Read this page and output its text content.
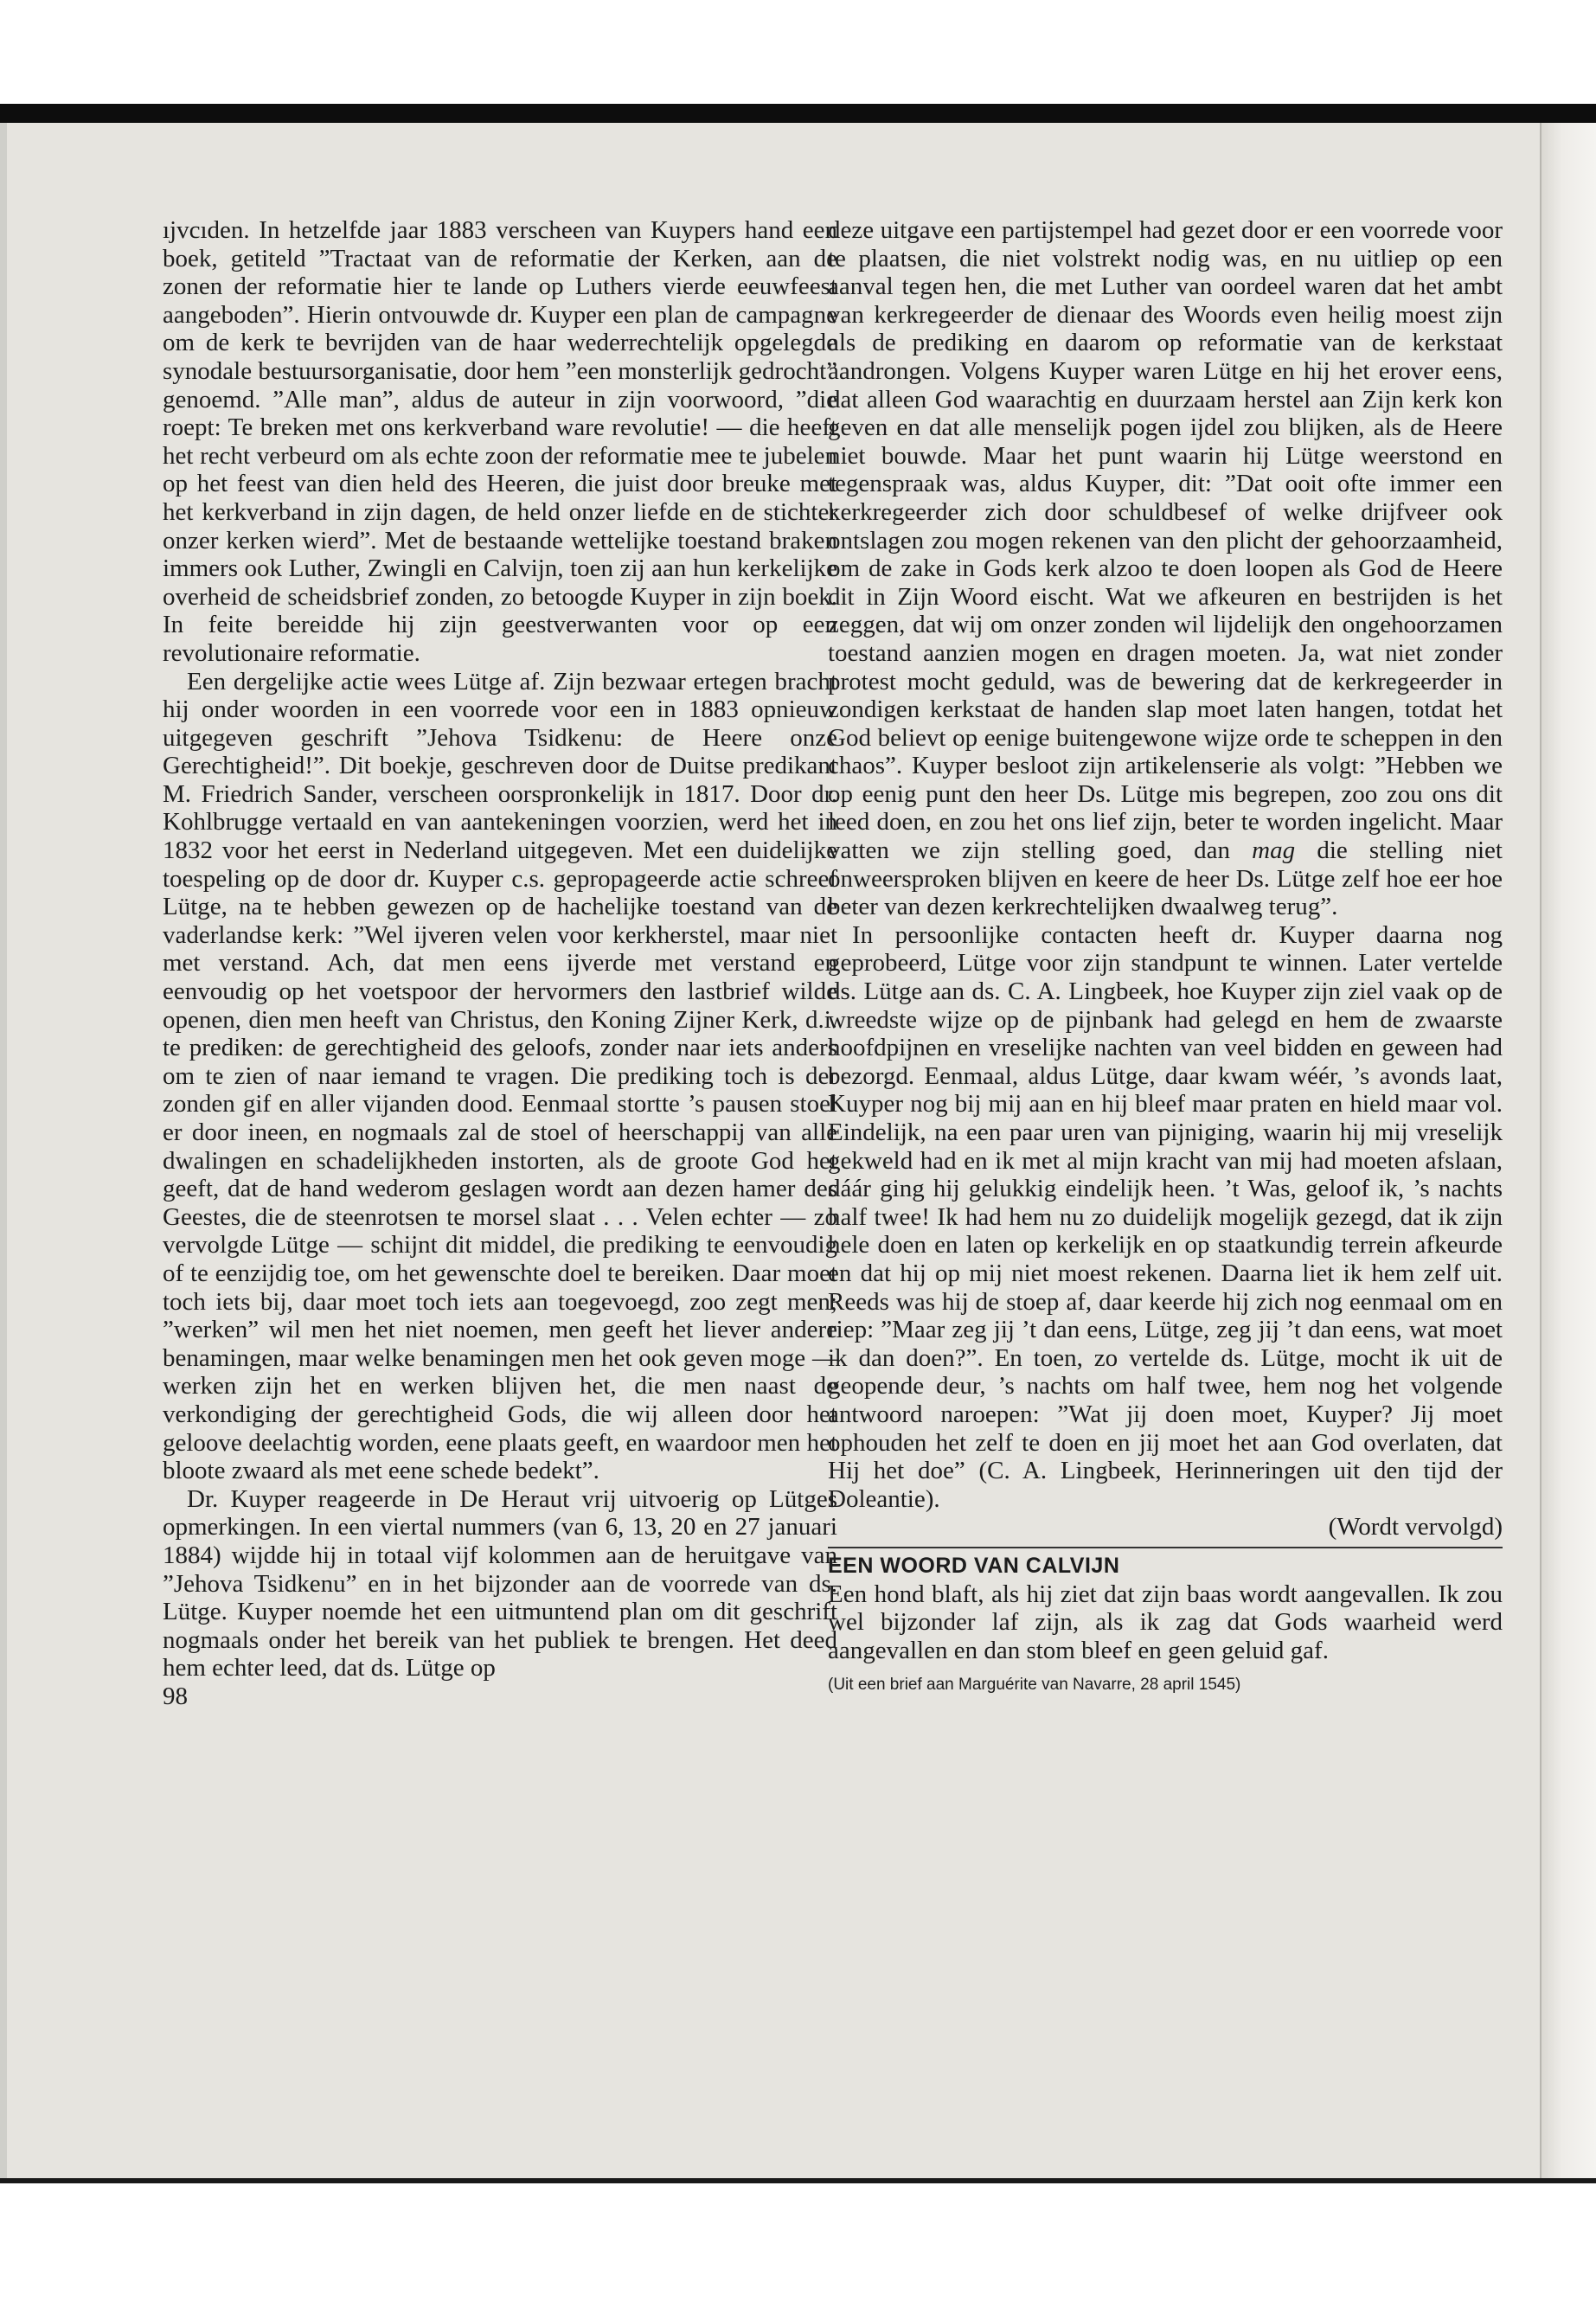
ıjvcıden. In hetzelfde jaar 1883 verscheen van Kuypers hand een boek, getiteld ”Tractaat van de reformatie der Kerken, aan de zonen der reformatie hier te lande op Luthers vierde eeuwfeest aangeboden”. Hierin ontvouwde dr. Kuyper een plan de campagne om de kerk te bevrijden van de haar wederrechtelijk opgelegde synodale bestuursorganisatie, door hem ”een monsterlijk gedrocht” genoemd. ”Alle man”, aldus de auteur in zijn voorwoord, ”die roept: Te breken met ons kerkverband ware revolutie! — die heeft het recht verbeurd om als echte zoon der reformatie mee te jubelen op het feest van dien held des Heeren, die juist door breuke met het kerkverband in zijn dagen, de held onzer liefde en de stichter onzer kerken wierd”. Met de bestaande wettelijke toestand braken immers ook Luther, Zwingli en Calvijn, toen zij aan hun kerkelijke overheid de scheidsbrief zonden, zo betoogde Kuyper in zijn boek. In feite bereidde hij zijn geestverwanten voor op een revolutionaire reformatie.

Een dergelijke actie wees Lütge af. Zijn bezwaar ertegen bracht hij onder woorden in een voorrede voor een in 1883 opnieuw uitgegeven geschrift ”Jehova Tsidkenu: de Heere onze Gerechtigheid!”. Dit boekje, geschreven door de Duitse predikant M. Friedrich Sander, verscheen oorspronkelijk in 1817. Door dr. Kohlbrugge vertaald en van aantekeningen voorzien, werd het in 1832 voor het eerst in Nederland uitgegeven. Met een duidelijke toespeling op de door dr. Kuyper c.s. gepropageerde actie schreef Lütge, na te hebben gewezen op de hachelijke toestand van de vaderlandse kerk: ”Wel ijveren velen voor kerkherstel, maar niet met verstand. Ach, dat men eens ijverde met verstand en eenvoudig op het voetspoor der hervormers den lastbrief wilde openen, dien men heeft van Christus, den Koning Zijner Kerk, d.i. te prediken: de gerechtigheid des geloofs, zonder naar iets anders om te zien of naar iemand te vragen. Die prediking toch is der zonden gif en aller vijanden dood. Eenmaal stortte ’s pausen stoel er door ineen, en nogmaals zal de stoel of heerschappij van alle dwalingen en schadelijkheden instorten, als de groote God het geeft, dat de hand wederom geslagen wordt aan dezen hamer des Geestes, die de steenrotsen te morsel slaat . . . Velen echter — zo vervolgde Lütge — schijnt dit middel, die prediking te eenvoudig of te eenzijdig toe, om het gewenschte doel te bereiken. Daar moet toch iets bij, daar moet toch iets aan toegevoegd, zoo zegt men; ”werken” wil men het niet noemen, men geeft het liever andere benamingen, maar welke benamingen men het ook geven moge — werken zijn het en werken blijven het, die men naast de verkondiging der gerechtigheid Gods, die wij alleen door het geloove deelachtig worden, eene plaats geeft, en waardoor men het bloote zwaard als met eene schede bedekt”.

Dr. Kuyper reageerde in De Heraut vrij uitvoerig op Lütges opmerkingen. In een viertal nummers (van 6, 13, 20 en 27 januari 1884) wijdde hij in totaal vijf kolommen aan de heruitgave van ”Jehova Tsidkenu” en in het bijzonder aan de voorrede van ds. Lütge. Kuyper noemde het een uitmuntend plan om dit geschrift nogmaals onder het bereik van het publiek te brengen. Het deed hem echter leed, dat ds. Lütge op

98

deze uitgave een partijstempel had gezet door er een voorrede voor te plaatsen, die niet volstrekt nodig was, en nu uitliep op een aanval tegen hen, die met Luther van oordeel waren dat het ambt van kerkregeerder de dienaar des Woords even heilig moest zijn als de prediking en daarom op reformatie van de kerkstaat aandrongen. Volgens Kuyper waren Lütge en hij het erover eens, dat alleen God waarachtig en duurzaam herstel aan Zijn kerk kon geven en dat alle menselijk pogen ijdel zou blijken, als de Heere niet bouwde. Maar het punt waarin hij Lütge weerstond en tegenspraak was, aldus Kuyper, dit: ”Dat ooit ofte immer een kerkregeerder zich door schuldbesef of welke drijfveer ook ontslagen zou mogen rekenen van den plicht der gehoorzaamheid, om de zake in Gods kerk alzoo te doen loopen als God de Heere dit in Zijn Woord eischt. Wat we afkeuren en bestrijden is het zeggen, dat wij om onzer zonden wil lijdelijk den ongehoorzamen toestand aanzien mogen en dragen moeten. Ja, wat niet zonder protest mocht geduld, was de bewering dat de kerkregeerder in zondigen kerkstaat de handen slap moet laten hangen, totdat het God believt op eenige buitengewone wijze orde te scheppen in den chaos”. Kuyper besloot zijn artikelenserie als volgt: ”Hebben we op eenig punt den heer Ds. Lütge mis begrepen, zoo zou ons dit leed doen, en zou het ons lief zijn, beter te worden ingelicht. Maar vatten we zijn stelling goed, dan mag die stelling niet onweersproken blijven en keere de heer Ds. Lütge zelf hoe eer hoe beter van dezen kerkrechtelijken dwaalweg terug”.

In persoonlijke contacten heeft dr. Kuyper daarna nog geprobeerd, Lütge voor zijn standpunt te winnen. Later vertelde ds. Lütge aan ds. C. A. Lingbeek, hoe Kuyper zijn ziel vaak op de wreedste wijze op de pijnbank had gelegd en hem de zwaarste hoofdpijnen en vreselijke nachten van veel bidden en geween had bezorgd. Eenmaal, aldus Lütge, daar kwam wéér, ’s avonds laat, Kuyper nog bij mij aan en hij bleef maar praten en hield maar vol. Eindelijk, na een paar uren van pijniging, waarin hij mij vreselijk gekweld had en ik met al mijn kracht van mij had moeten afslaan, dáár ging hij gelukkig eindelijk heen. ’t Was, geloof ik, ’s nachts half twee! Ik had hem nu zo duidelijk mogelijk gezegd, dat ik zijn hele doen en laten op kerkelijk en op staatkundig terrein afkeurde en dat hij op mij niet moest rekenen. Daarna liet ik hem zelf uit. Reeds was hij de stoep af, daar keerde hij zich nog eenmaal om en riep: ”Maar zeg jij ’t dan eens, Lütge, zeg jij ’t dan eens, wat moet ik dan doen?”. En toen, zo vertelde ds. Lütge, mocht ik uit de geopende deur, ’s nachts om half twee, hem nog het volgende antwoord naroepen: ”Wat jij doen moet, Kuyper? Jij moet ophouden het zelf te doen en jij moet het aan God overlaten, dat Hij het doe” (C. A. Lingbeek, Herinneringen uit den tijd der Doleantie).

(Wordt vervolgd)

EEN WOORD VAN CALVIJN

Een hond blaft, als hij ziet dat zijn baas wordt aangevallen. Ik zou wel bijzonder laf zijn, als ik zag dat Gods waarheid werd aangevallen en dan stom bleef en geen geluid gaf.

(Uit een brief aan Marguérite van Navarre, 28 april 1545)
